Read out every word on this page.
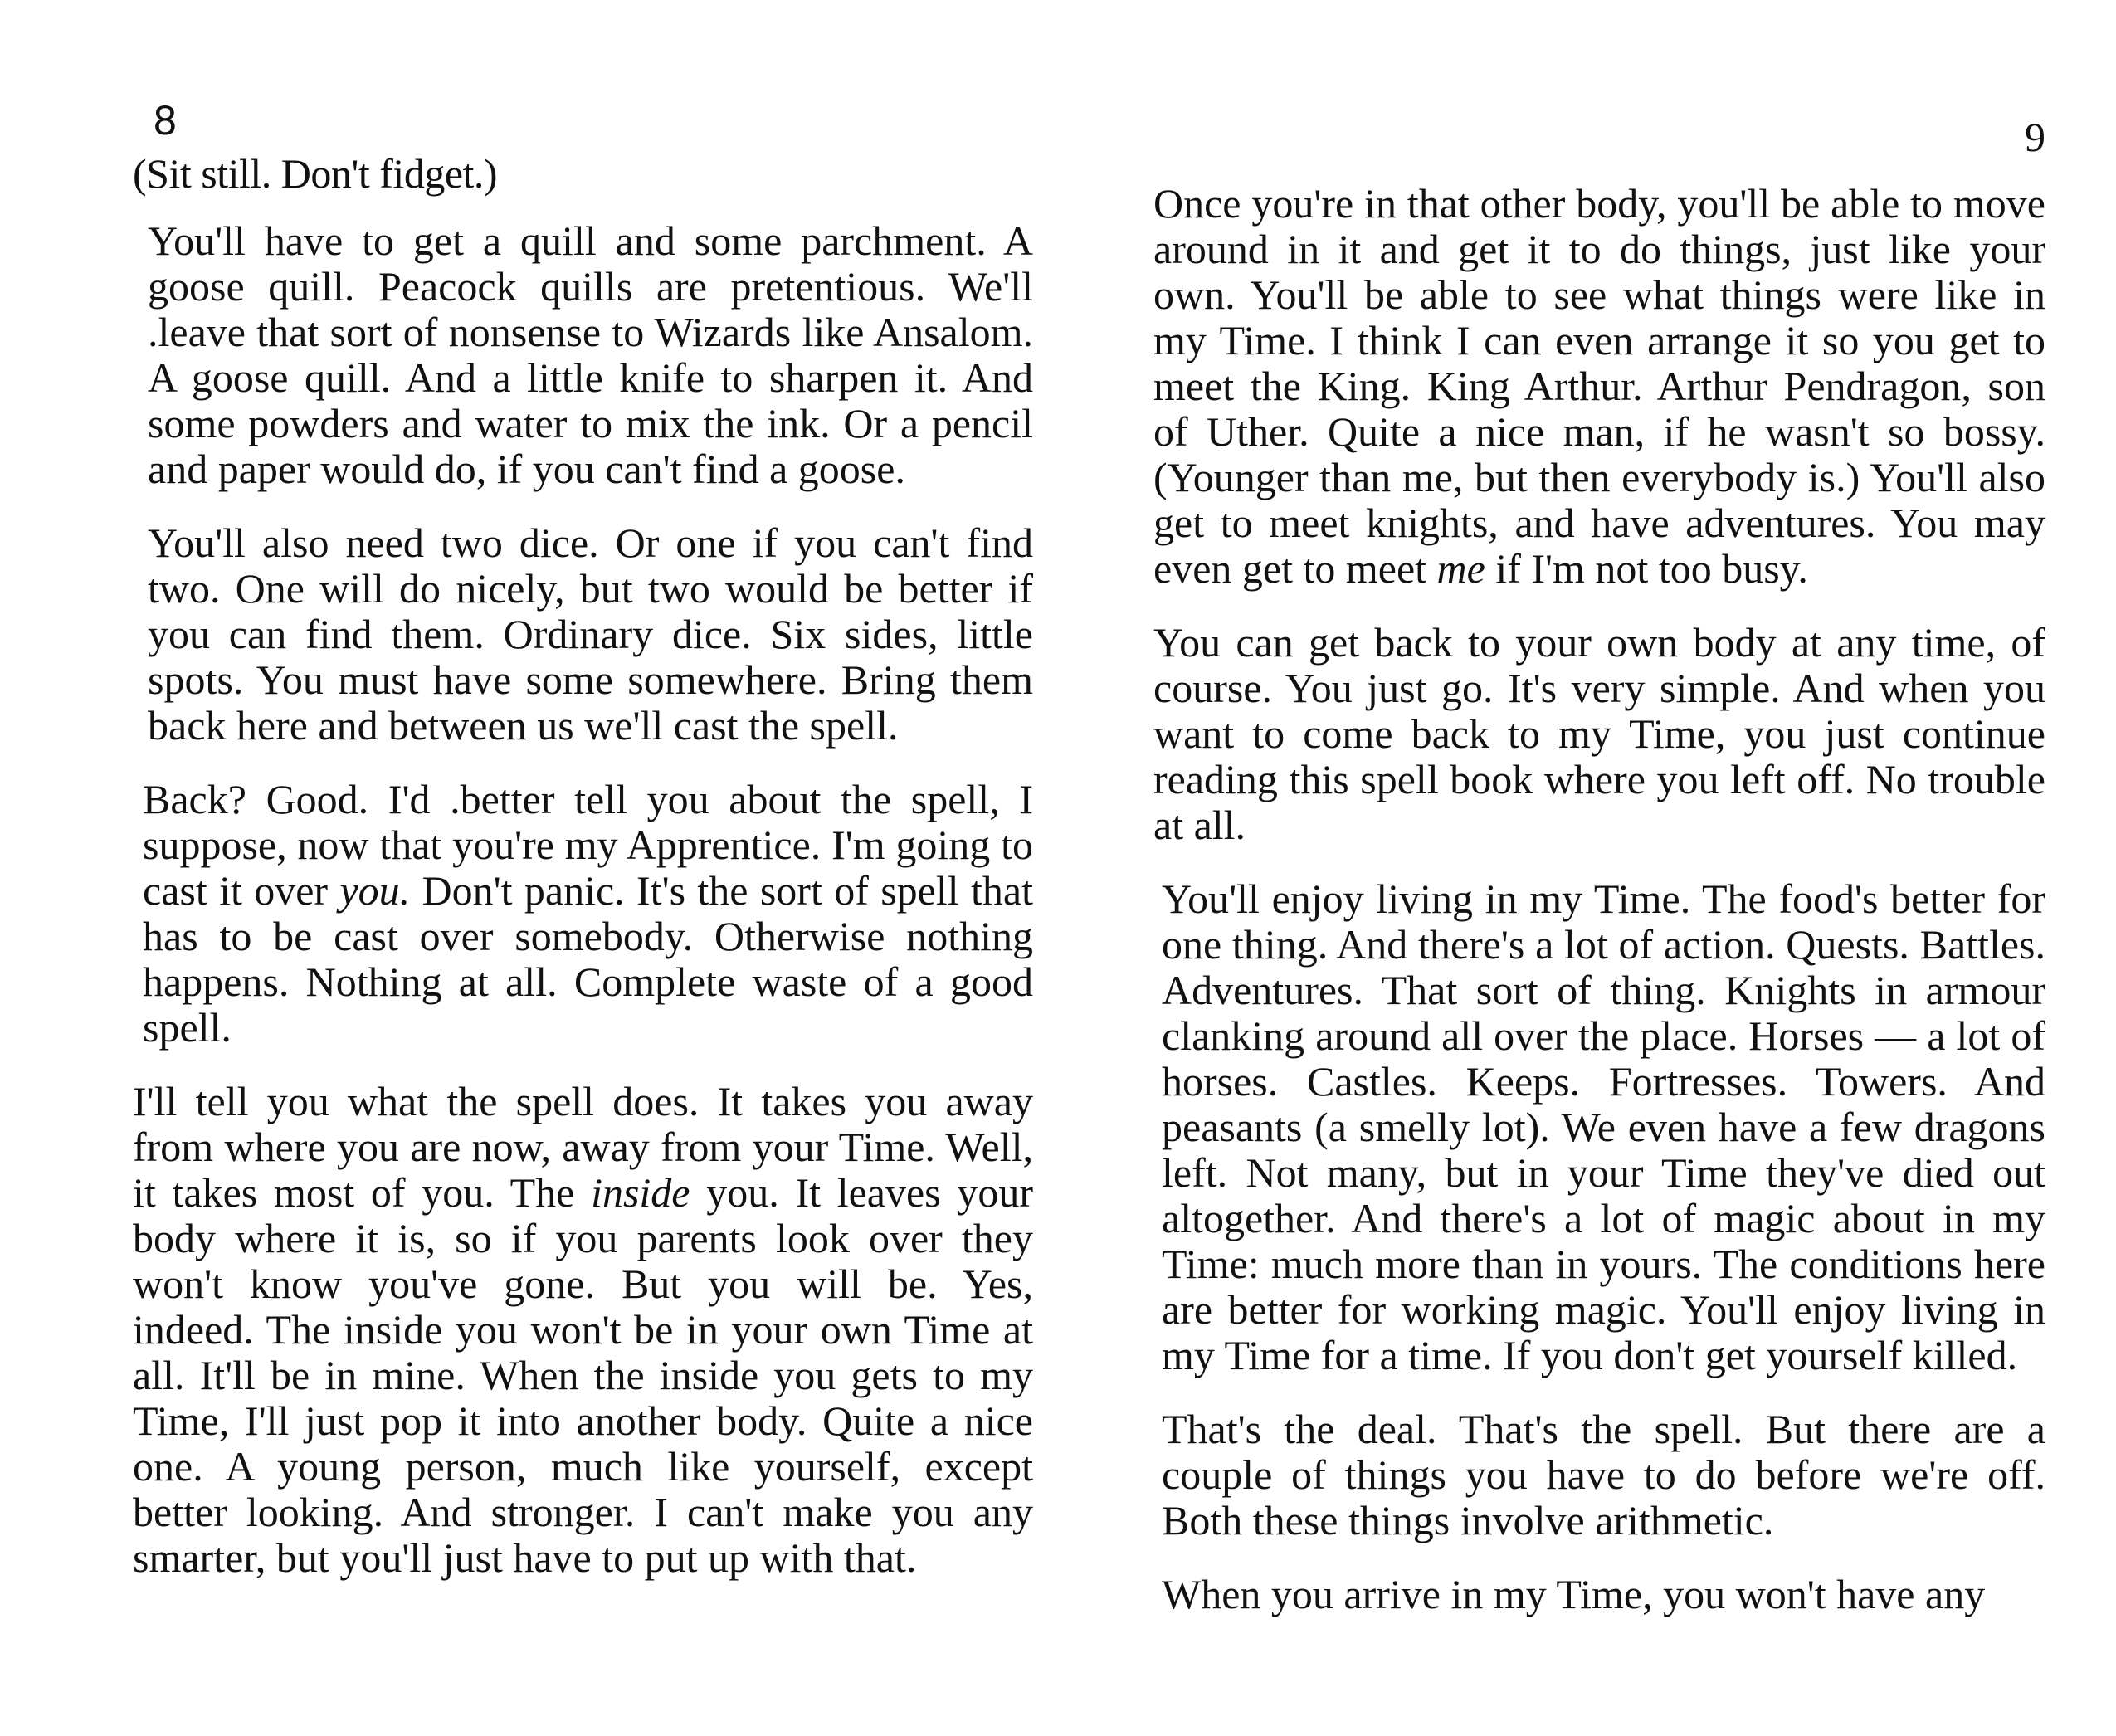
8

(Sit still. Don't fidget.)

You'll have to get a quill and some parchment. A goose quill. Peacock quills are pretentious. We'll .leave that sort of nonsense to Wizards like Ansalom. A goose quill. And a little knife to sharpen it. And some powders and water to mix the ink. Or a pencil and paper would do, if you can't find a goose.

You'll also need two dice. Or one if you can't find two. One will do nicely, but two would be better if you can find them. Ordinary dice. Six sides, little spots. You must have some somewhere. Bring them back here and between us we'll cast the spell.

Back? Good. I'd .better tell you about the spell, I suppose, now that you're my Apprentice. I'm going to cast it over you. Don't panic. It's the sort of spell that has to be cast over somebody. Otherwise nothing happens. Nothing at all. Complete waste of a good spell.

I'll tell you what the spell does. It takes you away from where you are now, away from your Time. Well, it takes most of you. The inside you. It leaves your body where it is, so if you parents look over they won't know you've gone. But you will be. Yes, indeed. The inside you won't be in your own Time at all. It'll be in mine. When the inside you gets to my Time, I'll just pop it into another body. Quite a nice one. A young person, much like yourself, except better looking. And stronger. I can't make you any smarter, but you'll just have to put up with that.

9

Once you're in that other body, you'll be able to move around in it and get it to do things, just like your own. You'll be able to see what things were like in my Time. I think I can even arrange it so you get to meet the King. King Arthur. Arthur Pendragon, son of Uther. Quite a nice man, if he wasn't so bossy. (Younger than me, but then everybody is.) You'll also get to meet knights, and have adventures. You may even get to meet me if I'm not too busy.

You can get back to your own body at any time, of course. You just go. It's very simple. And when you want to come back to my Time, you just continue reading this spell book where you left off. No trouble at all.

You'll enjoy living in my Time. The food's better for one thing. And there's a lot of action. Quests. Battles. Adventures. That sort of thing. Knights in armour clanking around all over the place. Horses — a lot of horses. Castles. Keeps. Fortresses. Towers. And peasants (a smelly lot). We even have a few dragons left. Not many, but in your Time they've died out altogether. And there's a lot of magic about in my Time: much more than in yours. The conditions here are better for working magic. You'll enjoy living in my Time for a time. If you don't get yourself killed.

That's the deal. That's the spell. But there are a couple of things you have to do before we're off. Both these things involve arithmetic.

When you arrive in my Time, you won't have any
